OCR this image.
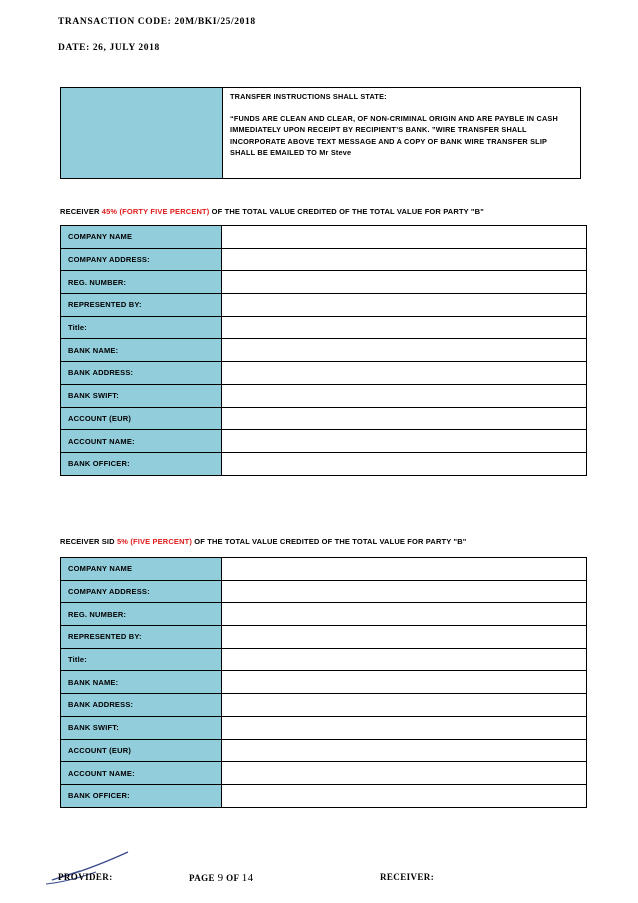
TRANSACTION CODE: 20M/BKI/25/2018
DATE: 26, JULY 2018
TRANSFER INSTRUCTIONS SHALL STATE:
“FUNDS ARE CLEAN AND CLEAR, OF NON-CRIMINAL ORIGIN AND ARE PAYBLE IN CASH IMMEDIATELY UPON RECEIPT BY RECIPIENT’S BANK. ”WIRE TRANSFER SHALL INCORPORATE ABOVE TEXT MESSAGE AND A COPY OF BANK WIRE TRANSFER SLIP SHALL BE EMAILED TO Mr Steve
RECEIVER 45% (FORTY FIVE PERCENT) OF THE TOTAL VALUE CREDITED OF THE TOTAL VALUE FOR PARTY "B"
COMPANY NAME	
COMPANY ADDRESS:	
REG. NUMBER:	
REPRESENTED BY:	
Title:	
BANK NAME:	
BANK ADDRESS:	
BANK SWIFT:	
ACCOUNT (EUR)	
ACCOUNT NAME:	
BANK OFFICER:	
RECEIVER SID 5% (FIVE PERCENT) OF THE TOTAL VALUE CREDITED OF THE TOTAL VALUE FOR PARTY "B"
COMPANY NAME	
COMPANY ADDRESS:	
REG. NUMBER:	
REPRESENTED BY:	
Title:	
BANK NAME:	
BANK ADDRESS:	
BANK SWIFT:	
ACCOUNT (EUR)	
ACCOUNT NAME:	
BANK OFFICER:	
PROVIDER:	PAGE 9 OF 14	RECEIVER:
